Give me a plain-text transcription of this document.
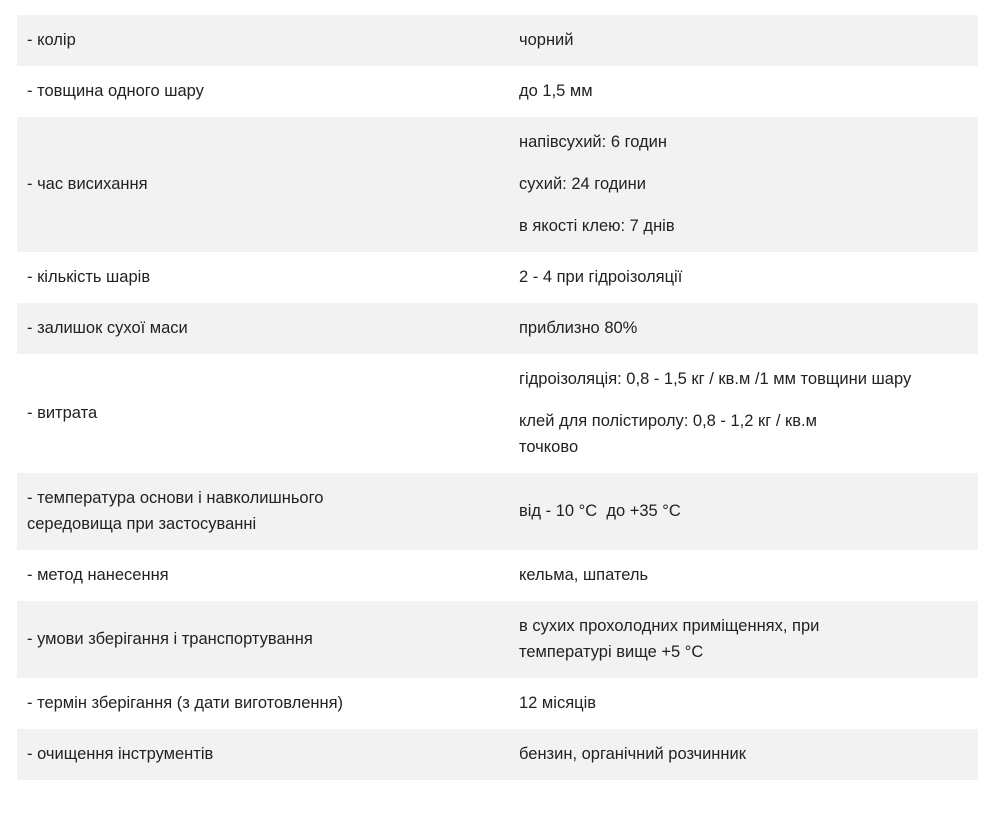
- колір	чорний

- товщина одного шару	до 1,5 мм

- час висихання	напівсухий: 6 годин
сухий: 24 години
в якості клею: 7 днів

- кількість шарів	2 - 4 при гідроізоляції

- залишок сухої маси	приблизно 80%

- витрата	гідроізоляція: 0,8 - 1,5 кг / кв.м /1 мм товщини шару
клей для полістиролу: 0,8 - 1,2 кг / кв.м точково

- температура основи і навколишнього середовища при застосуванні	від - 10 °C  до +35 °C

- метод нанесення	кельма, шпатель

- умови зберігання і транспортування	в сухих прохолодних приміщеннях, при температурі вище +5 °C

- термін зберігання (з дати виготовлення)	12 місяців

- очищення інструментів	бензин, органічний розчинник
